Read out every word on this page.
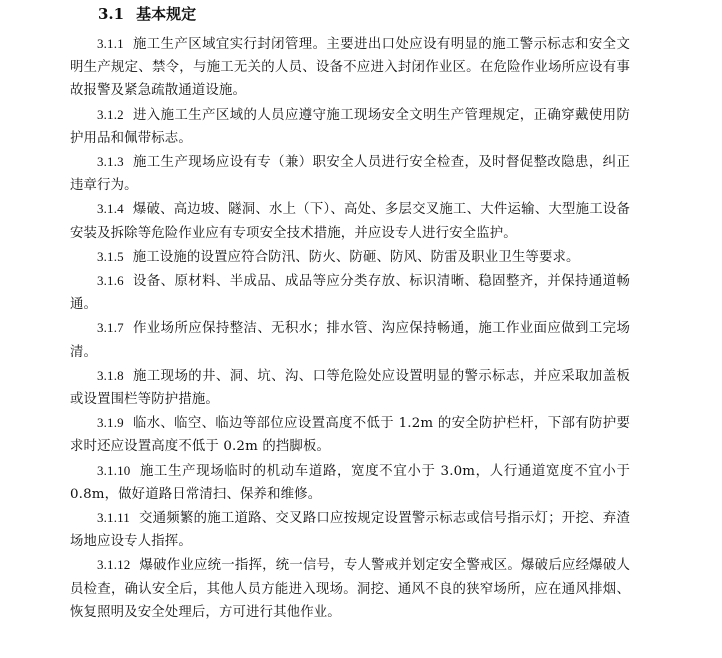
3.1 基本规定
3.1.1 施工生产区域宜实行封闭管理。主要进出口处应设有明显的施工警示标志和安全文明生产规定、禁令，与施工无关的人员、设备不应进入封闭作业区。在危险作业场所应设有事故报警及紧急疏散通道设施。
3.1.2 进入施工生产区域的人员应遵守施工现场安全文明生产管理规定，正确穿戴使用防护用品和佩带标志。
3.1.3 施工生产现场应设有专（兼）职安全人员进行安全检查，及时督促整改隐患，纠正违章行为。
3.1.4 爆破、高边坡、隧洞、水上（下）、高处、多层交叉施工、大件运输、大型施工设备安装及拆除等危险作业应有专项安全技术措施，并应设专人进行安全监护。
3.1.5 施工设施的设置应符合防汛、防火、防砸、防风、防雷及职业卫生等要求。
3.1.6 设备、原材料、半成品、成品等应分类存放、标识清晰、稳固整齐，并保持通道畅通。
3.1.7 作业场所应保持整洁、无积水；排水管、沟应保持畅通，施工作业面应做到工完场清。
3.1.8 施工现场的井、洞、坑、沟、口等危险处应设置明显的警示标志，并应采取加盖板或设置围栏等防护措施。
3.1.9 临水、临空、临边等部位应设置高度不低于 1.2m 的安全防护栏杆，下部有防护要求时还应设置高度不低于 0.2m 的挡脚板。
3.1.10 施工生产现场临时的机动车道路，宽度不宜小于 3.0m，人行通道宽度不宜小于 0.8m，做好道路日常清扫、保养和维修。
3.1.11 交通频繁的施工道路、交叉路口应按规定设置警示标志或信号指示灯；开挖、弃渣场地应设专人指挥。
3.1.12 爆破作业应统一指挥，统一信号，专人警戒并划定安全警戒区。爆破后应经爆破人员检查，确认安全后，其他人员方能进入现场。洞挖、通风不良的狭窄场所，应在通风排烟、恢复照明及安全处理后，方可进行其他作业。
